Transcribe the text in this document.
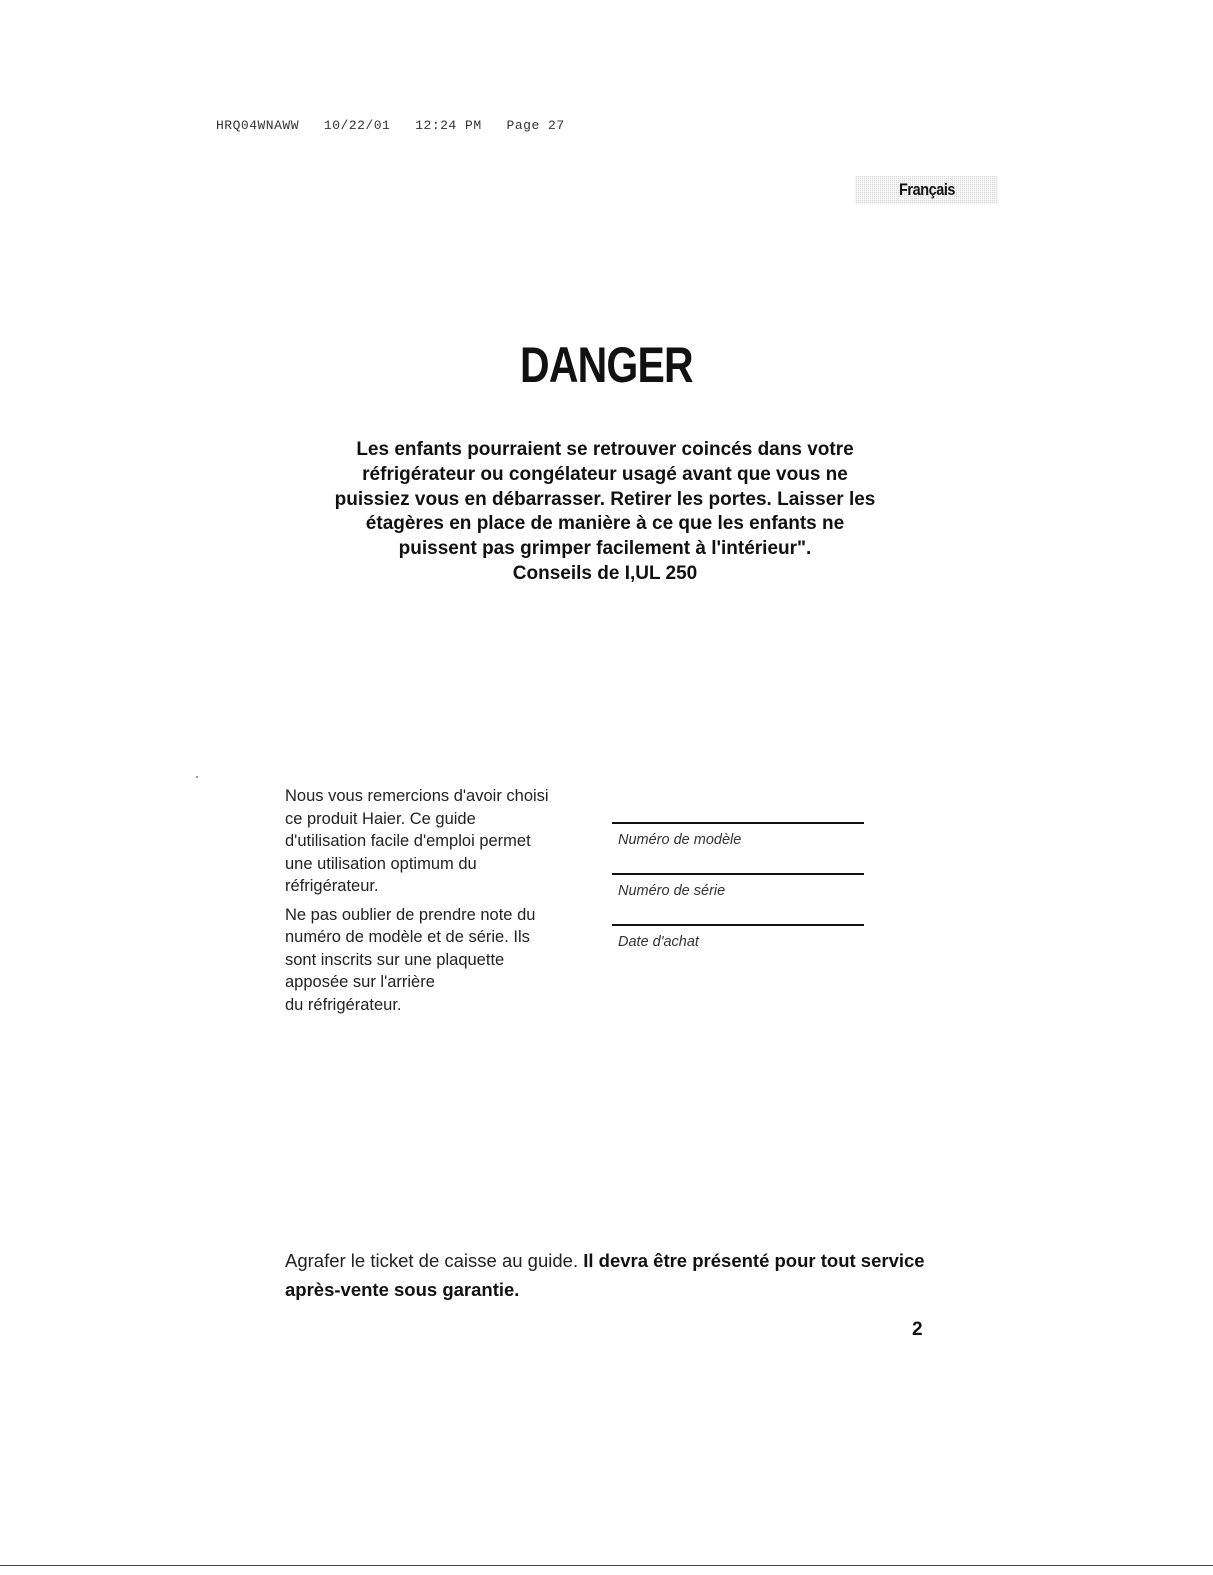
HRQ04WNAWW   10/22/01   12:24 PM   Page 27
Français
DANGER
Les enfants pourraient se retrouver coincés dans votre
réfrigérateur ou congélateur usagé avant que vous ne
puissiez vous en débarrasser. Retirer les portes. Laisser les
étagères en place de manière à ce que les enfants ne
puissent pas grimper facilement à l'intérieur".
Conseils de I,UL 250

Nous vous remercions d'avoir choisi
ce produit Haier. Ce guide
d'utilisation facile d'emploi permet
une utilisation optimum du
réfrigérateur.

Ne pas oublier de prendre note du
numéro de modèle et de série. Ils
sont inscrits sur une plaquette
apposée sur l'arrière
du réfrigérateur.

Numéro de modèle
Numéro de série
Date d'achat
Agrafer le ticket de caisse au guide. Il devra être présenté pour tout service après-vente sous garantie.
2
